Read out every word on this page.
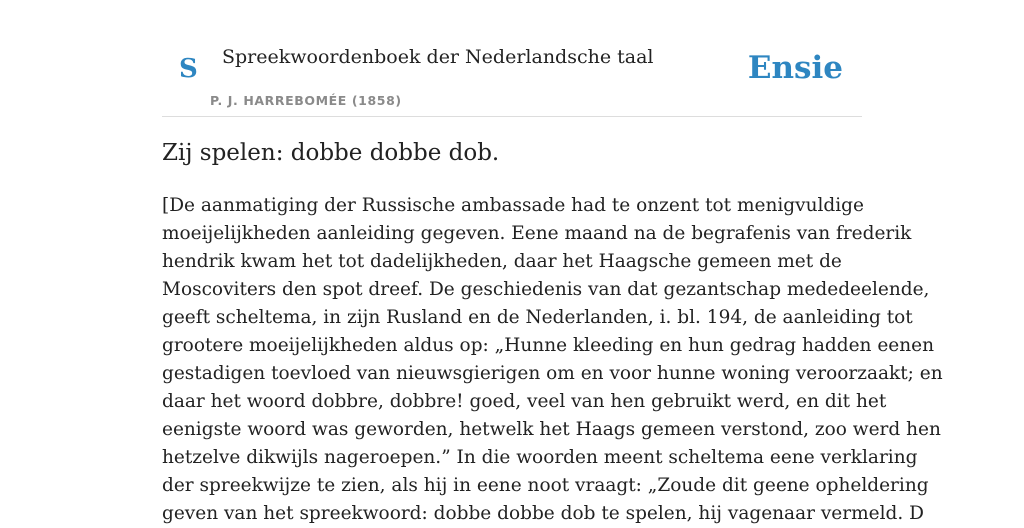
S Spreekwoordenboek der Nederlandsche taal
P. J. HARREBOMÉE (1858)
Ensie
Zij spelen: dobbe dobbe dob.
[De aanmatiging der Russische ambassade had te onzent tot menigvuldige
moeijelijkheden aanleiding gegeven. Eene maand na de begrafenis van frederik
hendrik kwam het tot dadelijkheden, daar het Haagsche gemeen met de
Moscoviters den spot dreef. De geschiedenis van dat gezantschap mededeelende,
geeft scheltema, in zijn Rusland en de Nederlanden, i. bl. 194, de aanleiding tot
grootere moeijelijkheden aldus op: „Hunne kleeding en hun gedrag hadden eenen
gestadigen toevloed van nieuwsgierigen om en voor hunne woning veroorzaakt; en
daar het woord dobbre, dobbre! goed, veel van hen gebruikt werd, en dit het
eenigste woord was geworden, hetwelk het Haags gemeen verstond, zoo werd hen
hetzelve dikwijls nageroepen.” In die woorden meent scheltema eene verklaring
der spreekwijze te zien, als hij in eene noot vraagt: „Zoude dit geene opheldering
geven van het spreekwoord: dobbe dobbe dob te spelen, hij vagenaar vermeld. D
